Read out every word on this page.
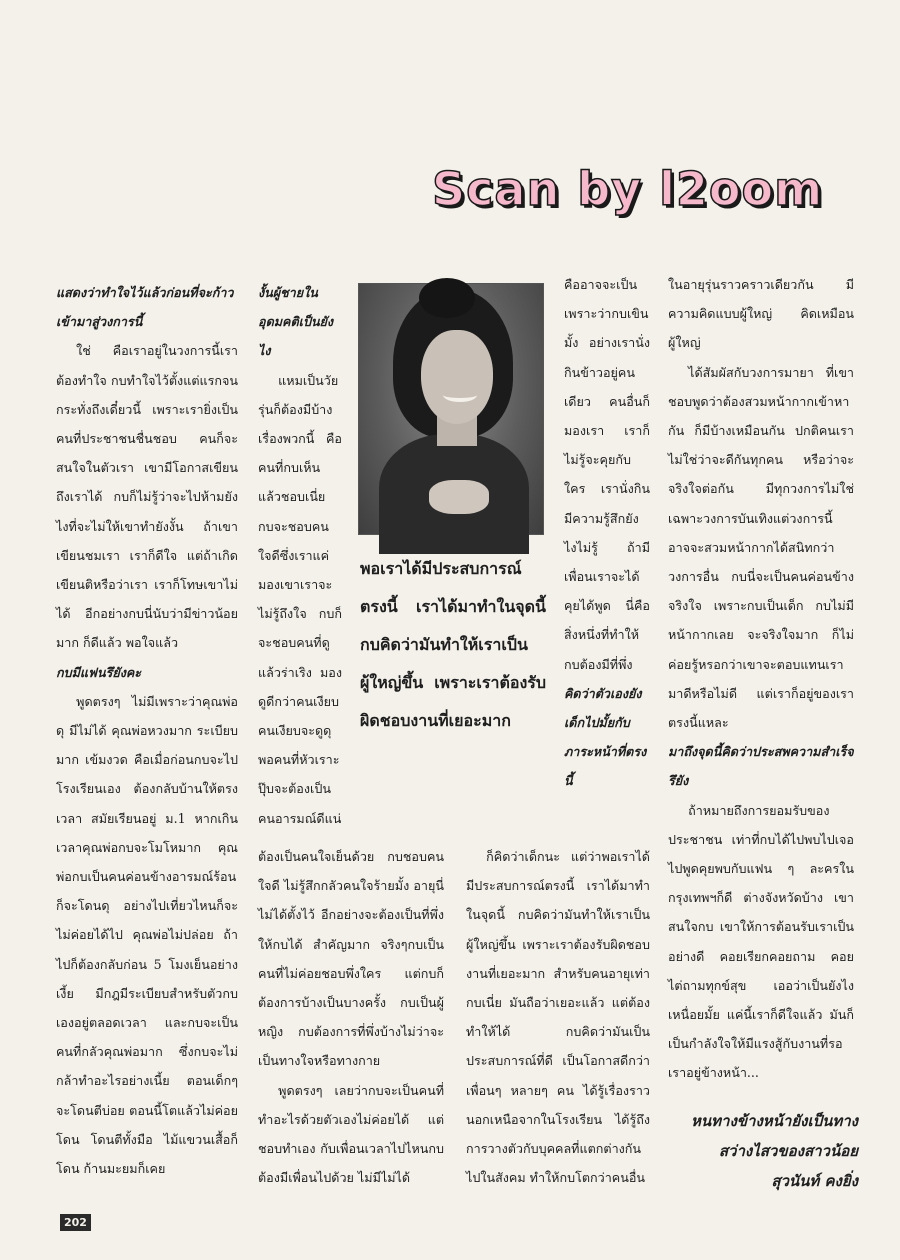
Scan by l2oom

แสดงว่าทำใจไว้แล้วก่อนที่จะก้าวเข้ามาสู่วงการนี้

ใช่ คือเราอยู่ในวงการนี้เราต้องทำใจ กบทำใจไว้ตั้งแต่แรกจนกระทั่งถึงเดี๋ยวนี้ เพราะเรายิ่งเป็นคนที่ประชาชนชื่นชอบ คนก็จะสนใจในตัวเรา เขามีโอกาสเขียนถึงเราได้ กบก็ไม่รู้ว่าจะไปห้ามยังไงที่จะไม่ให้เขาทำยังงั้น ถ้าเขาเขียนชมเรา เราก็ดีใจ แต่ถ้าเกิดเขียนติหรือว่าเรา เราก็โทษเขาไม่ได้ อีกอย่างกบนี่นับว่ามีข่าวน้อยมาก ก็ดีแล้ว พอใจแล้ว

กบมีแฟนรึยังคะ

พูดตรงๆ ไม่มีเพราะว่าคุณพ่อดุ มีไม่ได้ คุณพ่อหวงมาก ระเบียบมาก เข้มงวด คือเมื่อก่อนกบจะไปโรงเรียนเอง ต้องกลับบ้านให้ตรงเวลา สมัยเรียนอยู่ ม.1 หากเกินเวลาคุณพ่อกบจะโมโหมาก คุณพ่อกบเป็นคนค่อนข้างอารมณ์ร้อน ก็จะโดนดุ อย่างไปเที่ยวไหนก็จะไม่ค่อยได้ไป คุณพ่อไม่ปล่อย ถ้าไปก็ต้องกลับก่อน 5 โมงเย็นอย่างเงี้ย มีกฎมีระเบียบสำหรับตัวกบเองอยู่ตลอดเวลา และกบจะเป็นคนที่กลัวคุณพ่อมาก ซึ่งกบจะไม่กล้าทำอะไรอย่างเนี้ย ตอนเด็กๆ จะโดนตีบ่อย ตอนนี้โตแล้วไม่ค่อยโดน โดนตีทั้งมือ ไม้แขวนเสื้อก็โดน ก้านมะยมก็เคย

งั้นผู้ชายในอุดมคติเป็นยังไง

แหมเป็นวัยรุ่นก็ต้องมีบ้างเรื่องพวกนี้ คือคนที่กบเห็นแล้วชอบเนี่ย กบจะชอบคนใจดีซึ่งเราแค่มองเขาเราจะไม่รู้ถึงใจ กบก็จะชอบคนที่ดูแล้วร่าเริง มองดูดีกว่าคนเงียบ คนเงียบจะดูดุ พอคนที่หัวเราะปุ๊บจะต้องเป็นคนอารมณ์ดีแน่

พอเราได้มีประสบการณ์ตรงนี้ เราได้มาทำในจุดนี้ กบคิดว่ามันทำให้เราเป็นผู้ใหญ่ขึ้น เพราะเราต้องรับผิดชอบงานที่เยอะมาก

คืออาจจะเป็นเพราะว่ากบเขินมั้ง อย่างเรานั่งกินข้าวอยู่คนเดียว คนอื่นก็มองเรา เราก็ไม่รู้จะคุยกับใคร เรานั่งกิน มีความรู้สึกยังไงไม่รู้ ถ้ามีเพื่อนเราจะได้คุยได้พูด นี่คือสิ่งหนึ่งที่ทำให้กบต้องมีที่พึ่ง

คิดว่าตัวเองยังเด็กไปมั้ยกับภาระหน้าที่ตรงนี้

ต้องเป็นคนใจเย็นด้วย กบชอบคนใจดี ไม่รู้สึกกลัวคนใจร้ายมั้ง อายุนี่ไม่ได้ตั้งไว้ อีกอย่างจะต้องเป็นที่พึ่งให้กบได้ สำคัญมาก จริงๆกบเป็นคนที่ไม่ค่อยชอบพึ่งใคร แต่กบก็ต้องการบ้างเป็นบางครั้ง กบเป็นผู้หญิง กบต้องการที่พึ่งบ้างไม่ว่าจะเป็นทางใจหรือทางกาย

พูดตรงๆ เลยว่ากบจะเป็นคนที่ทำอะไรด้วยตัวเองไม่ค่อยได้ แต่ชอบทำเอง กับเพื่อนเวลาไปไหนกบต้องมีเพื่อนไปด้วย ไม่มีไม่ได้

ก็คิดว่าเด็กนะ แต่ว่าพอเราได้มีประสบการณ์ตรงนี้ เราได้มาทำในจุดนี้ กบคิดว่ามันทำให้เราเป็นผู้ใหญ่ขึ้น เพราะเราต้องรับผิดชอบงานที่เยอะมาก สำหรับคนอายุเท่ากบเนี่ย มันถือว่าเยอะแล้ว แต่ต้องทำให้ได้ กบคิดว่ามันเป็นประสบการณ์ที่ดี เป็นโอกาสดีกว่าเพื่อนๆ หลายๆ คน ได้รู้เรื่องราวนอกเหนือจากในโรงเรียน ได้รู้ถึงการวางตัวกับบุคคลที่แตกต่างกันไปในสังคม ทำให้กบโตกว่าคนอื่น

ในอายุรุ่นราวคราวเดียวกัน มีความคิดแบบผู้ใหญ่ คิดเหมือนผู้ใหญ่

ได้สัมผัสกับวงการมายา ที่เขาชอบพูดว่าต้องสวมหน้ากากเข้าหากัน ก็มีบ้างเหมือนกัน ปกติคนเราไม่ใช่ว่าจะดีกันทุกคน หรือว่าจะจริงใจต่อกัน มีทุกวงการไม่ใช่เฉพาะวงการบันเทิงแต่วงการนี้อาจจะสวมหน้ากากได้สนิทกว่าวงการอื่น กบนี่จะเป็นคนค่อนข้างจริงใจ เพราะกบเป็นเด็ก กบไม่มีหน้ากากเลย จะจริงใจมาก ก็ไม่ค่อยรู้หรอกว่าเขาจะตอบแทนเรามาดีหรือไม่ดี แต่เราก็อยู่ของเราตรงนี้แหละ

มาถึงจุดนี้คิดว่าประสพความสำเร็จรึยัง

ถ้าหมายถึงการยอมรับของประชาชน เท่าที่กบได้ไปพบไปเจอ ไปพูดคุยพบกับแฟน ๆ ละครในกรุงเทพฯก็ดี ต่างจังหวัดบ้าง เขาสนใจกบ เขาให้การต้อนรับเราเป็นอย่างดี คอยเรียกคอยถาม คอยไต่ถามทุกข์สุข เออว่าเป็นยังไงเหนื่อยมั้ย แค่นี้เราก็ดีใจแล้ว มันก็เป็นกำลังใจให้มีแรงสู้กับงานที่รอเราอยู่ข้างหน้า...

หนทางข้างหน้ายังเป็นทางสว่างไสวของสาวน้อย
สุวนันท์ คงยิ่ง
202
